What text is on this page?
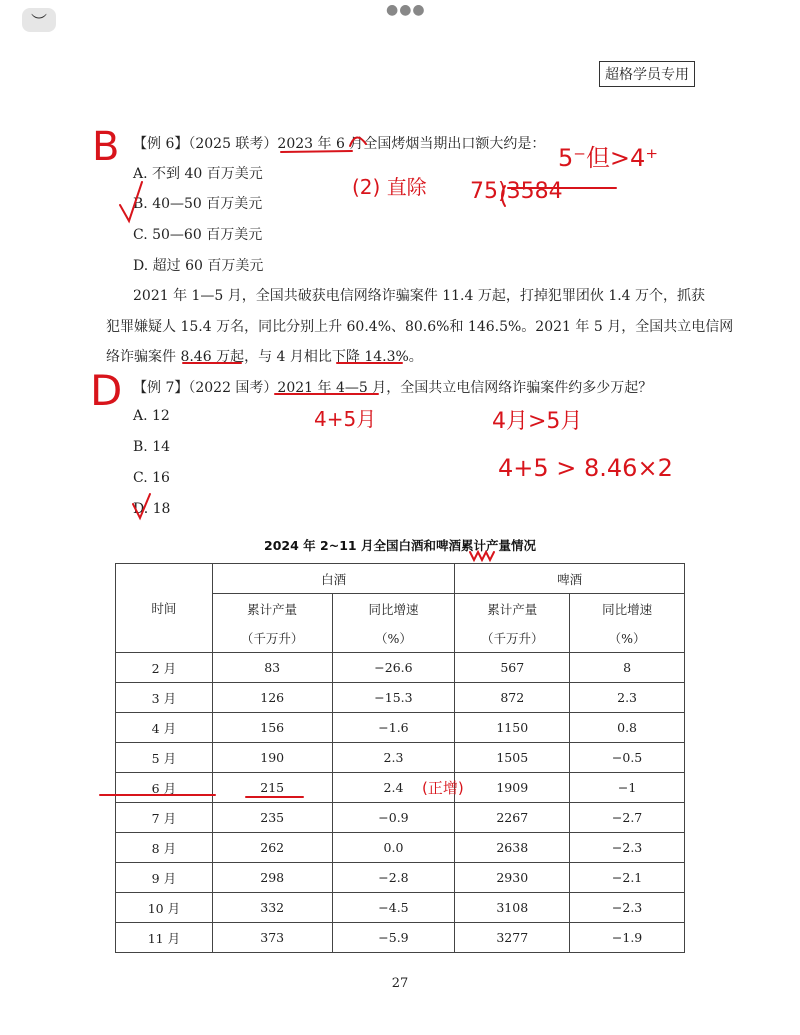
︶
●●●
超格学员专用
【例 6】（2025 联考）2023 年 6 月全国烤烟当期出口额大约是：
A. 不到 40 百万美元
B. 40—50 百万美元
C. 50—60 百万美元
D. 超过 60 百万美元
2021 年 1—5 月，全国共破获电信网络诈骗案件 11.4 万起，打掉犯罪团伙 1.4 万个，抓获
犯罪嫌疑人 15.4 万名，同比分别上升 60.4%、80.6%和 146.5%。2021 年 5 月，全国共立电信网
络诈骗案件 8.46 万起，与 4 月相比下降 14.3%。
【例 7】（2022 国考）2021 年 4—5 月，全国共立电信网络诈骗案件约多少万起？
A. 12
B. 14
C. 16
D. 18
2024 年 2~11 月全国白酒和啤酒累计产量情况
时间	白酒		啤酒	
	累计产量	同比增速	累计产量	同比增速
	（千万升）	（%）	（千万升）	（%）
2 月	83	−26.6	567	8
3 月	126	−15.3	872	2.3
4 月	156	−1.6	1150	0.8
5 月	190	2.3	1505	−0.5
6 月	215	2.4	1909	−1
7 月	235	−0.9	2267	−2.7
8 月	262	0.0	2638	−2.3
9 月	298	−2.8	2930	−2.1
10 月	332	−4.5	3108	−2.3
11 月	373	−5.9	3277	−1.9
27
B	5⁻但>4⁺
(2) 直除 75)3584
D
4+5月	4月>5月
4+5 > 8.46×2
(正增)
